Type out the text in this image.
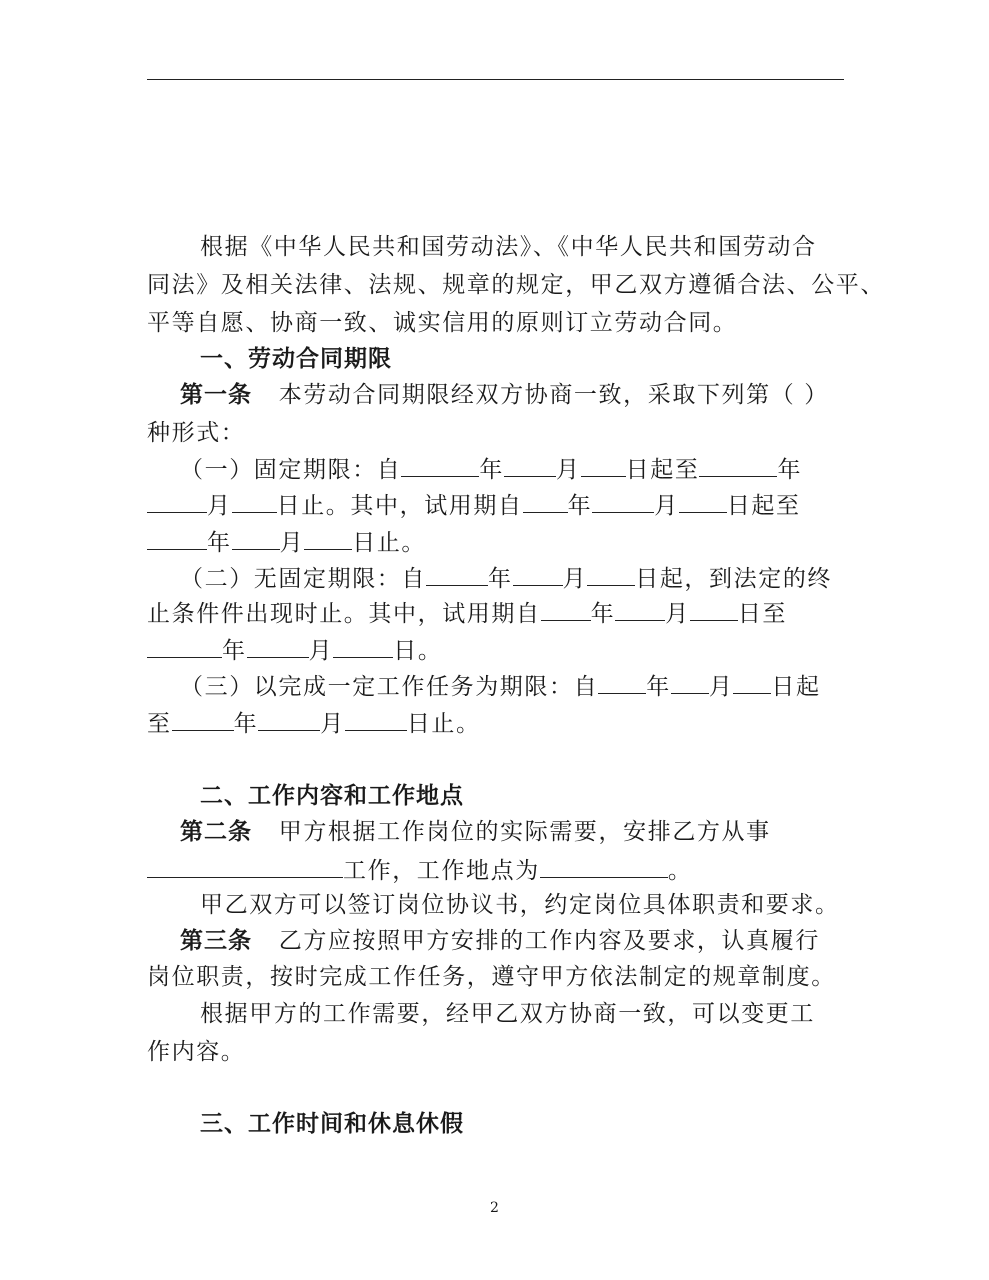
根据《中华人民共和国劳动法》、《中华人民共和国劳动合
同法》及相关法律、法规、规章的规定，甲乙双方遵循合法、公平、
平等自愿、协商一致、诚实信用的原则订立劳动合同。
一、劳动合同期限
第一条 本劳动合同期限经双方协商一致，采取下列第（ ）
种形式：
（一）固定期限：自	年 月 日起至	年
月 日止。其中，试用期自 年	月 日起至
年 月 日止。
（二）无固定期限：自	年 月 日起，到法定的终
止条件件出现时止。其中，试用期自 年 月 日至
年	月	日。
（三）以完成一定工作任务为期限：自 年 月 日起
至	年	月	日止。
二、工作内容和工作地点
第二条 甲方根据工作岗位的实际需要，安排乙方从事
工作，工作地点为	。
甲乙双方可以签订岗位协议书，约定岗位具体职责和要求。
第三条 乙方应按照甲方安排的工作内容及要求，认真履行
岗位职责，按时完成工作任务，遵守甲方依法制定的规章制度。
根据甲方的工作需要，经甲乙双方协商一致，可以变更工
作内容。
三、工作时间和休息休假
2
